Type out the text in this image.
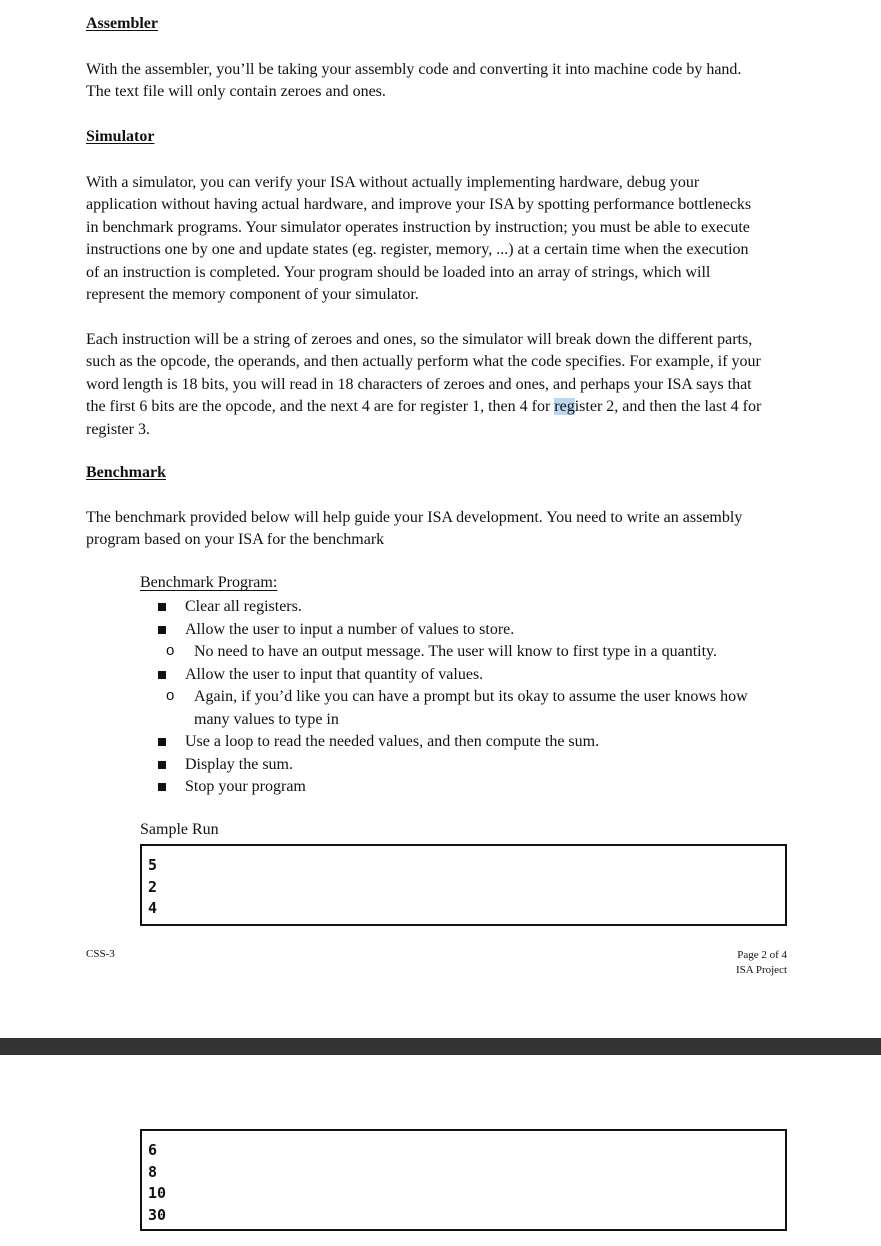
Assembler

With the assembler, you’ll be taking your assembly code and converting it into machine code by hand.
The text file will only contain zeroes and ones.

Simulator

With a simulator, you can verify your ISA without actually implementing hardware, debug your
application without having actual hardware, and improve your ISA by spotting performance bottlenecks
in benchmark programs. Your simulator operates instruction by instruction; you must be able to execute
instructions one by one and update states (eg. register, memory, ...) at a certain time when the execution
of an instruction is completed. Your program should be loaded into an array of strings, which will
represent the memory component of your simulator.

Each instruction will be a string of zeroes and ones, so the simulator will break down the different parts,
such as the opcode, the operands, and then actually perform what the code specifies. For example, if your
word length is 18 bits, you will read in 18 characters of zeroes and ones, and perhaps your ISA says that
the first 6 bits are the opcode, and the next 4 are for register 1, then 4 for register 2, and then the last 4 for
register 3.

Benchmark

The benchmark provided below will help guide your ISA development. You need to write an assembly
program based on your ISA for the benchmark

Benchmark Program:
Clear all registers.
Allow the user to input a number of values to store.
o No need to have an output message. The user will know to first type in a quantity.
Allow the user to input that quantity of values.
o Again, if you’d like you can have a prompt but its okay to assume the user knows how
many values to type in
Use a loop to read the needed values, and then compute the sum.
Display the sum.
Stop your program
Sample Run
5
2
4
CSS-3	Page 2 of 4
ISA Project
6
8
10
30
